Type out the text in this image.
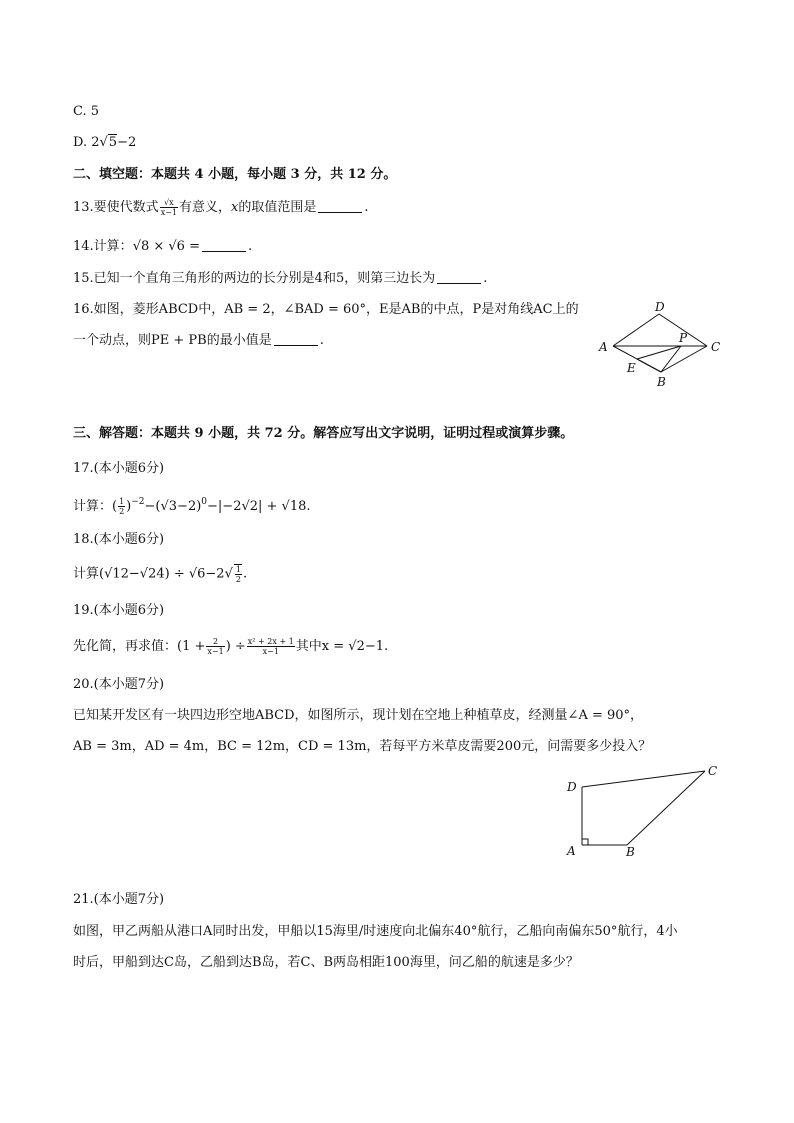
C. 5
D. 2√5−2
二、填空题：本题共 4 小题，每小题 3 分，共 12 分。
13.要使代数式 $\frac{√x}{x-1}$ 有意义，x的取值范围是	.
14.计算：√8 × √6 =	.
15.已知一个直角三角形的两边的长分别是4和5，则第三边长为	.
16.如图，菱形ABCD中，AB = 2，∠BAD = 60°，E是AB的中点，P是对角线AC上的
一个动点，则PE + PB的最小值是	.
D
A
P
C
E
B
三、解答题：本题共 9 小题，共 72 分。解答应写出文字说明，证明过程或演算步骤。
17.(本小题6分)
计算：( $\frac{1}{2} )^{-2}-(√3-2)^0-|-2√2| + √18$.
18.(本小题6分)
计算$(√12-√24) \div √6-2√ \frac{1}{2}$ .
19.(本小题6分)
先化简，再求值：($1 + \frac{2}{x-1}$ ) ÷ $\frac{\text{x² + 2x + 1}}{x-1}$ 其中x = √2−1.
20.(本小题7分)
已知某开发区有一块四边形空地ABCD，如图所示，现计划在空地上种植草皮，经测量∠A = 90°，
AB = 3m，AD = 4m，BC = 12m，CD = 13m，若每平方米草皮需要200元，问需要多少投入？
D
C
A	B
21.(本小题7分)
如图，甲乙两船从港口A同时出发，甲船以15海里/时速度向北偏东40°航行，乙船向南偏东50°航行，4小
时后，甲船到达C岛，乙船到达B岛，若C、B两岛相距100海里，问乙船的航速是多少？
